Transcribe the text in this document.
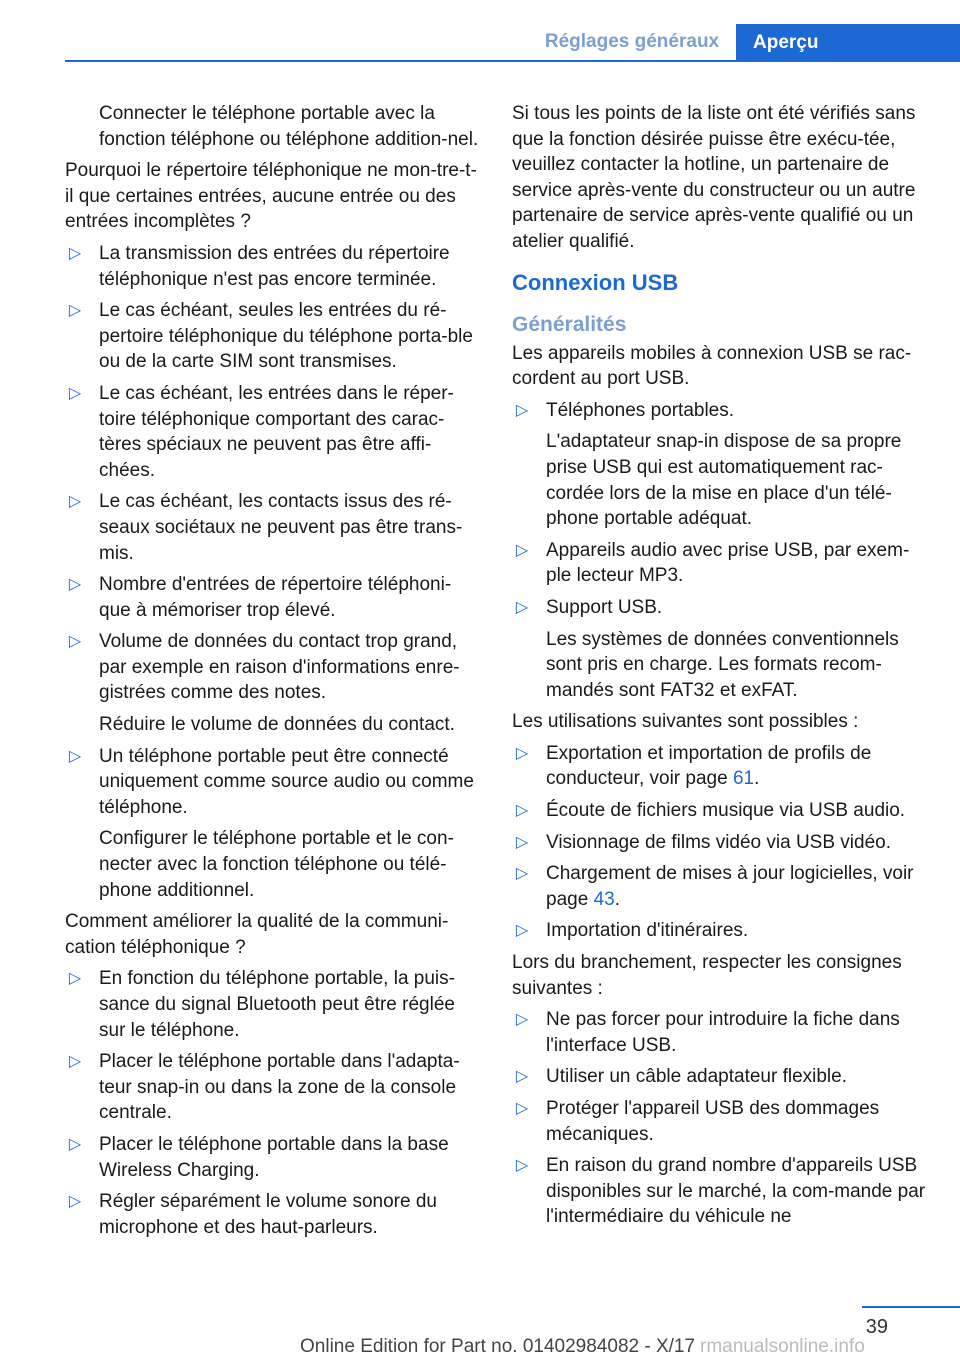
Réglages généraux	Aperçu

Connecter le téléphone portable avec la fonction téléphone ou téléphone addition‐nel.

Pourquoi le répertoire téléphonique ne mon‐tre-t-il que certaines entrées, aucune entrée ou des entrées incomplètes ?

▷ La transmission des entrées du répertoire téléphonique n'est pas encore terminée.
▷ Le cas échéant, seules les entrées du ré‐pertoire téléphonique du téléphone porta‐ble ou de la carte SIM sont transmises.
▷ Le cas échéant, les entrées dans le réper‐toire téléphonique comportant des carac‐tères spéciaux ne peuvent pas être affi‐chées.
▷ Le cas échéant, les contacts issus des ré‐seaux sociétaux ne peuvent pas être trans‐mis.
▷ Nombre d'entrées de répertoire téléphoni‐que à mémoriser trop élevé.
▷ Volume de données du contact trop grand, par exemple en raison d'informations enre‐gistrées comme des notes.
Réduire le volume de données du contact.
▷ Un téléphone portable peut être connecté uniquement comme source audio ou comme téléphone.
Configurer le téléphone portable et le con‐necter avec la fonction téléphone ou télé‐phone additionnel.

Comment améliorer la qualité de la communi‐cation téléphonique ?

▷ En fonction du téléphone portable, la puis‐sance du signal Bluetooth peut être réglée sur le téléphone.
▷ Placer le téléphone portable dans l'adapta‐teur snap-in ou dans la zone de la console centrale.
▷ Placer le téléphone portable dans la base Wireless Charging.
▷ Régler séparément le volume sonore du microphone et des haut-parleurs.

Si tous les points de la liste ont été vérifiés sans que la fonction désirée puisse être exécu‐tée, veuillez contacter la hotline, un partenaire de service après-vente du constructeur ou un autre partenaire de service après-vente qualifié ou un atelier qualifié.

Connexion USB
Généralités

Les appareils mobiles à connexion USB se rac‐cordent au port USB.

▷ Téléphones portables.
L'adaptateur snap-in dispose de sa propre prise USB qui est automatiquement rac‐cordée lors de la mise en place d'un télé‐phone portable adéquat.
▷ Appareils audio avec prise USB, par exem‐ple lecteur MP3.
▷ Support USB.
Les systèmes de données conventionnels sont pris en charge. Les formats recom‐mandés sont FAT32 et exFAT.

Les utilisations suivantes sont possibles :

▷ Exportation et importation de profils de conducteur, voir page 61.
▷ Écoute de fichiers musique via USB audio.
▷ Visionnage de films vidéo via USB vidéo.
▷ Chargement de mises à jour logicielles, voir page 43.
▷ Importation d'itinéraires.

Lors du branchement, respecter les consignes suivantes :

▷ Ne pas forcer pour introduire la fiche dans l'interface USB.
▷ Utiliser un câble adaptateur flexible.
▷ Protéger l'appareil USB des dommages mécaniques.
▷ En raison du grand nombre d'appareils USB disponibles sur le marché, la com‐mande par l'intermédiaire du véhicule ne
39
Online Edition for Part no. 01402984082 - X/17 rmanualsonline.info
